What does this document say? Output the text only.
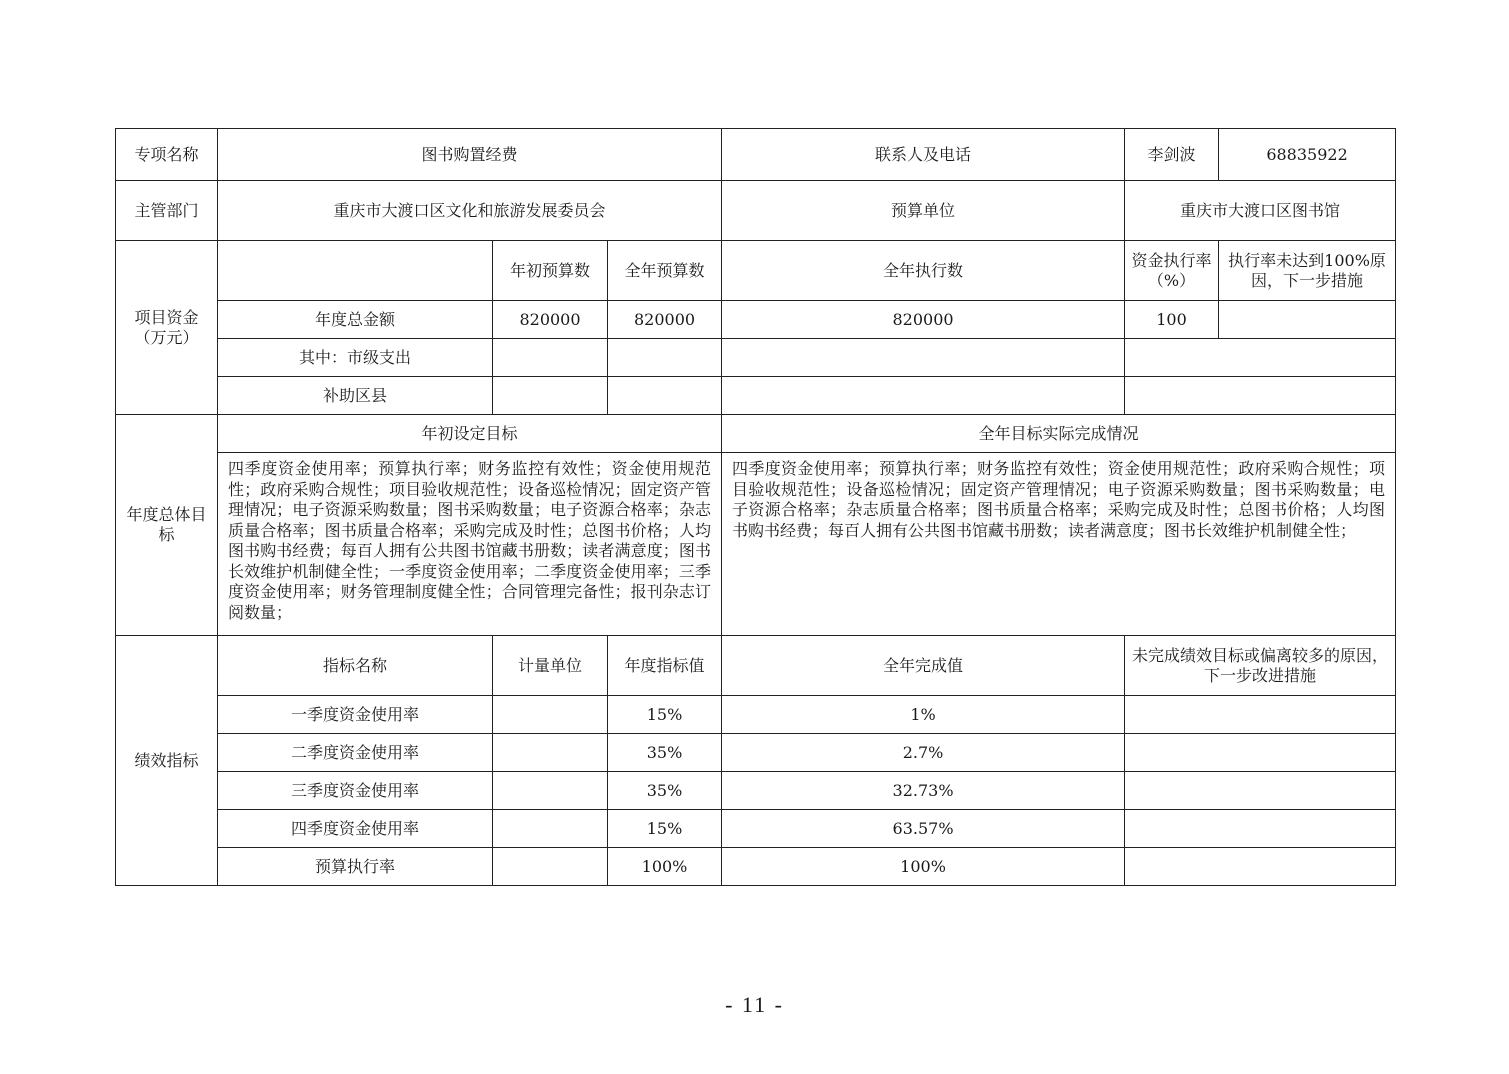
专项名称	图书购置经费			联系人及电话	李剑波	68835922
主管部门	重庆市大渡口区文化和旅游发展委员会			预算单位	重庆市大渡口区图书馆	
项目资金（万元）		年初预算数	全年预算数	全年执行数	资金执行率（%）	执行率未达到100%原因，下一步措施
	年度总金额	820000	820000	820000	100	
	其中：市级支出					
	补助区县					
年度总体目标	年初设定目标			全年目标实际完成情况		
	四季度资金使用率；预算执行率；财务监控有效性；资金使用规范性；政府采购合规性；项目验收规范性；设备巡检情况；固定资产管理情况；电子资源采购数量；图书采购数量；电子资源合格率；杂志质量合格率；图书质量合格率；采购完成及时性；总图书价格；人均图书购书经费；每百人拥有公共图书馆藏书册数；读者满意度；图书长效维护机制健全性；一季度资金使用率；二季度资金使用率；三季度资金使用率；财务管理制度健全性；合同管理完备性；报刊杂志订阅数量；			四季度资金使用率；预算执行率；财务监控有效性；资金使用规范性；政府采购合规性；项目验收规范性；设备巡检情况；固定资产管理情况；电子资源采购数量；图书采购数量；电子资源合格率；杂志质量合格率；图书质量合格率；采购完成及时性；总图书价格；人均图书购书经费；每百人拥有公共图书馆藏书册数；读者满意度；图书长效维护机制健全性；		
绩效指标	指标名称	计量单位	年度指标值	全年完成值	未完成绩效目标或偏离较多的原因，下一步改进措施	
	一季度资金使用率		15%	1%		
	二季度资金使用率		35%	2.7%		
	三季度资金使用率		35%	32.73%		
	四季度资金使用率		15%	63.57%		
	预算执行率		100%	100%		
- 11 -
